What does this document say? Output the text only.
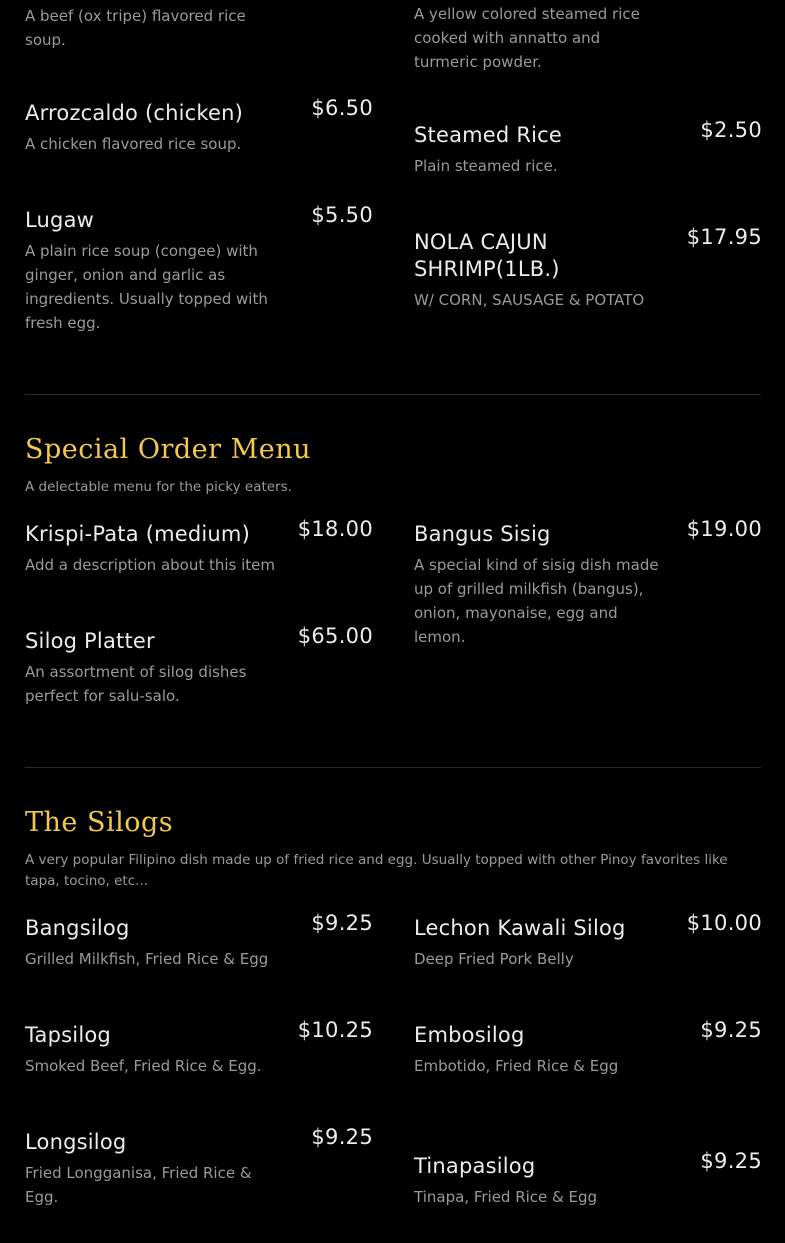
A beef (ox tripe) flavored rice soup.
Arrozcaldo (chicken)	$6.50
A chicken flavored rice soup.
Lugaw	$5.50
A plain rice soup (congee) with ginger, onion and garlic as ingredients. Usually topped with fresh egg.
A yellow colored steamed rice cooked with annatto and turmeric powder.
Steamed Rice	$2.50
Plain steamed rice.
NOLA CAJUN SHRIMP(1LB.)
$17.95
W/ CORN, SAUSAGE & POTATO
Special Order Menu
A delectable menu for the picky eaters.
Krispi-Pata (medium)	$18.00
Add a description about this item
Silog Platter	$65.00
An assortment of silog dishes perfect for salu-salo.
Bangus Sisig	$19.00
A special kind of sisig dish made up of grilled milkfish (bangus), onion, mayonaise, egg and lemon.
The Silogs
A very popular Filipino dish made up of fried rice and egg. Usually topped with other Pinoy favorites like tapa, tocino, etc...
Bangsilog	$9.25
Grilled Milkfish, Fried Rice & Egg
Tapsilog	$10.25
Smoked Beef, Fried Rice & Egg.
Longsilog	$9.25
Fried Longganisa, Fried Rice & Egg.
Lechon Kawali Silog	$10.00
Deep Fried Pork Belly
Embosilog	$9.25
Embotido, Fried Rice & Egg
Tinapasilog	$9.25
Tinapa, Fried Rice & Egg
